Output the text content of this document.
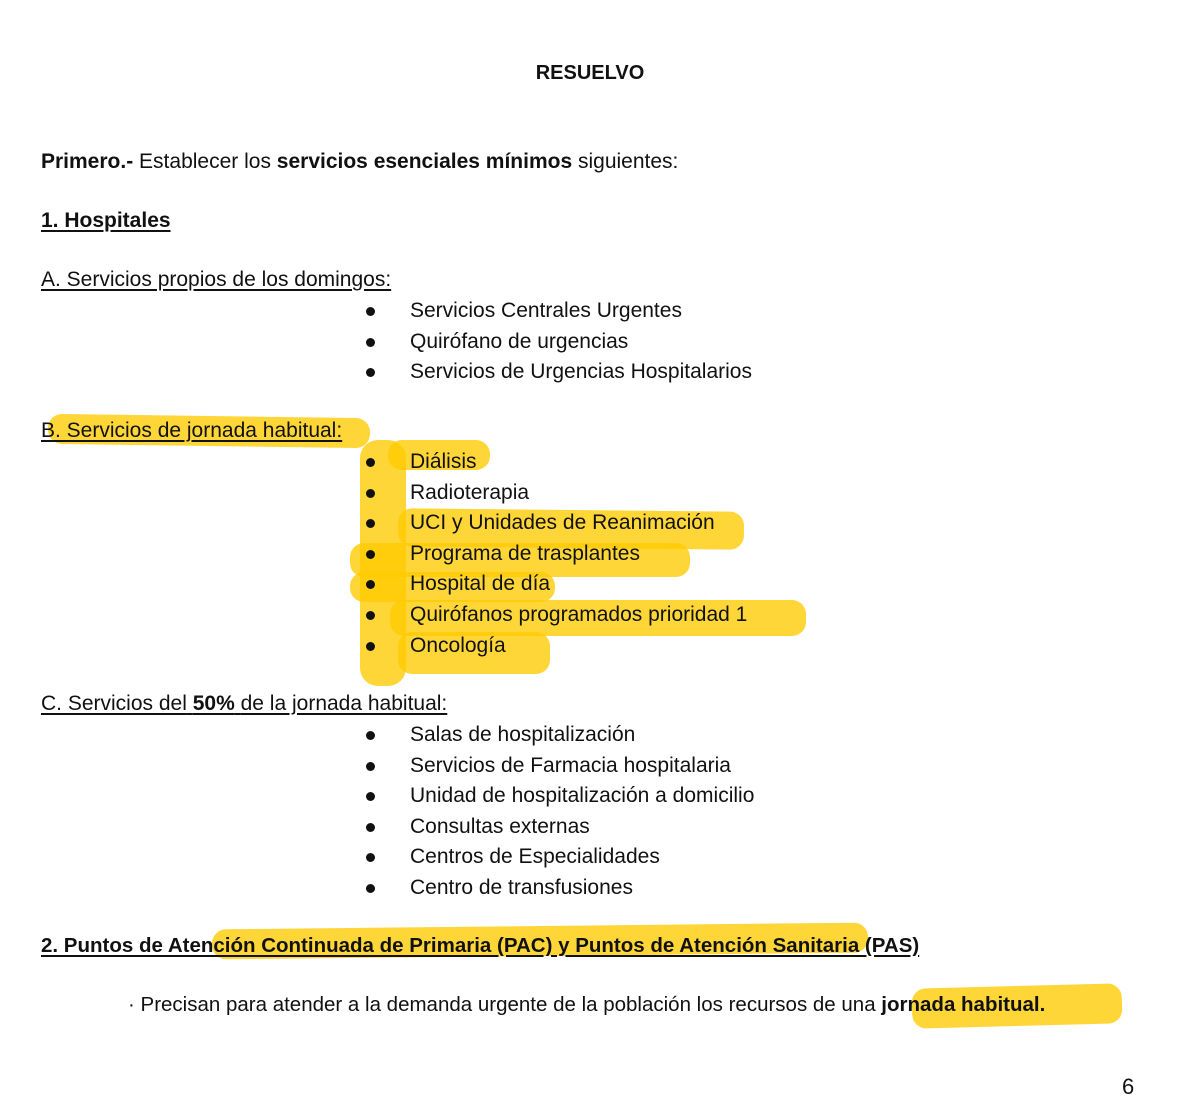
RESUELVO
Primero.- Establecer los servicios esenciales mínimos siguientes:
1. Hospitales
A. Servicios propios de los domingos:
Servicios Centrales Urgentes
Quirófano de urgencias
Servicios de Urgencias Hospitalarios
B. Servicios de jornada habitual:
Diálisis
Radioterapia
UCI y Unidades de Reanimación
Programa de trasplantes
Hospital de día
Quirófanos programados prioridad 1
Oncología
C. Servicios del 50% de la jornada habitual:
Salas de hospitalización
Servicios de Farmacia hospitalaria
Unidad de hospitalización a domicilio
Consultas externas
Centros de Especialidades
Centro de transfusiones
2. Puntos de Atención Continuada de Primaria (PAC) y Puntos de Atención Sanitaria (PAS)
· Precisan para atender a la demanda urgente de la población los recursos de una jornada habitual.
6
